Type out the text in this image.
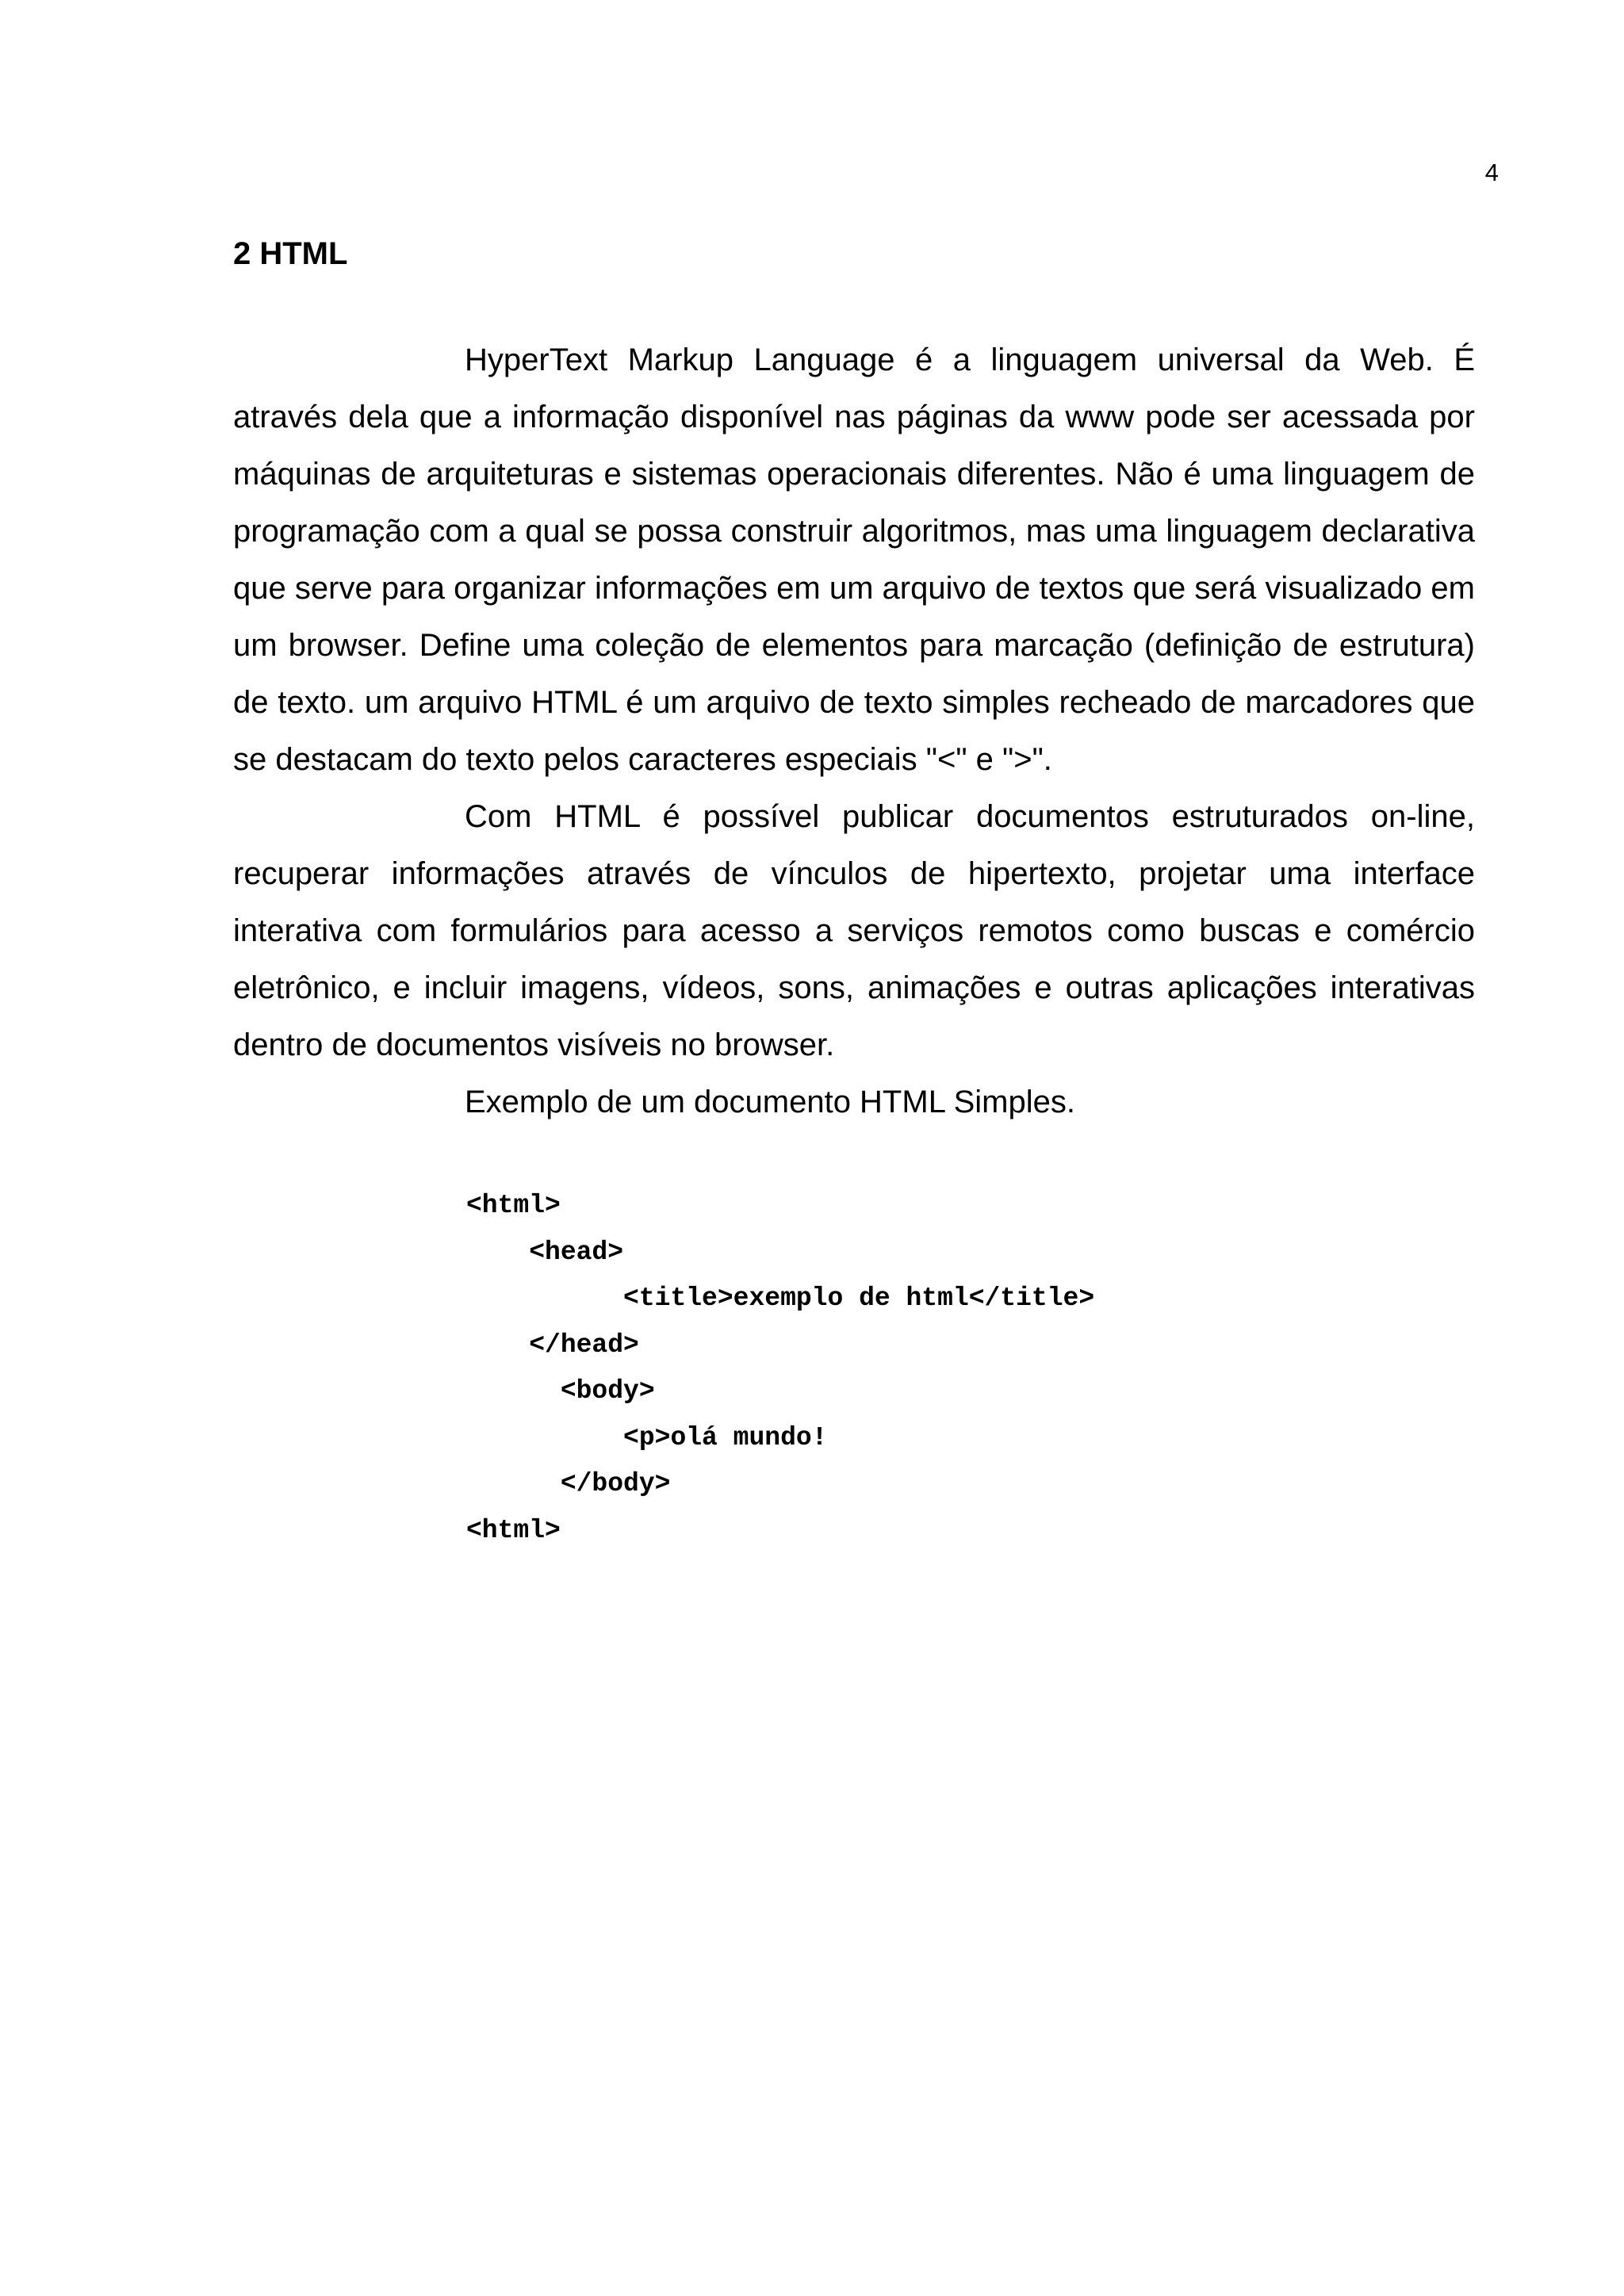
4
2 HTML

HyperText Markup Language é a linguagem universal da Web. É através dela que a informação disponível nas páginas da www pode ser acessada por máquinas de arquiteturas e sistemas operacionais diferentes. Não é uma linguagem de programação com a qual se possa construir algoritmos, mas uma linguagem declarativa que serve para organizar informações em um arquivo de textos que será visualizado em um browser. Define uma coleção de elementos para marcação (definição de estrutura) de texto. um arquivo HTML é um arquivo de texto simples recheado de marcadores que se destacam do texto pelos caracteres especiais "<" e ">".

Com HTML é possível publicar documentos estruturados on-line, recuperar informações através de vínculos de hipertexto, projetar uma interface interativa com formulários para acesso a serviços remotos como buscas e comércio eletrônico, e incluir imagens, vídeos, sons, animações e outras aplicações interativas dentro de documentos visíveis no browser.

Exemplo de um documento HTML Simples.

<html>
<head>
<title>exemplo de html</title>
</head>
<body>
<p>olá mundo!
</body>
<html>
